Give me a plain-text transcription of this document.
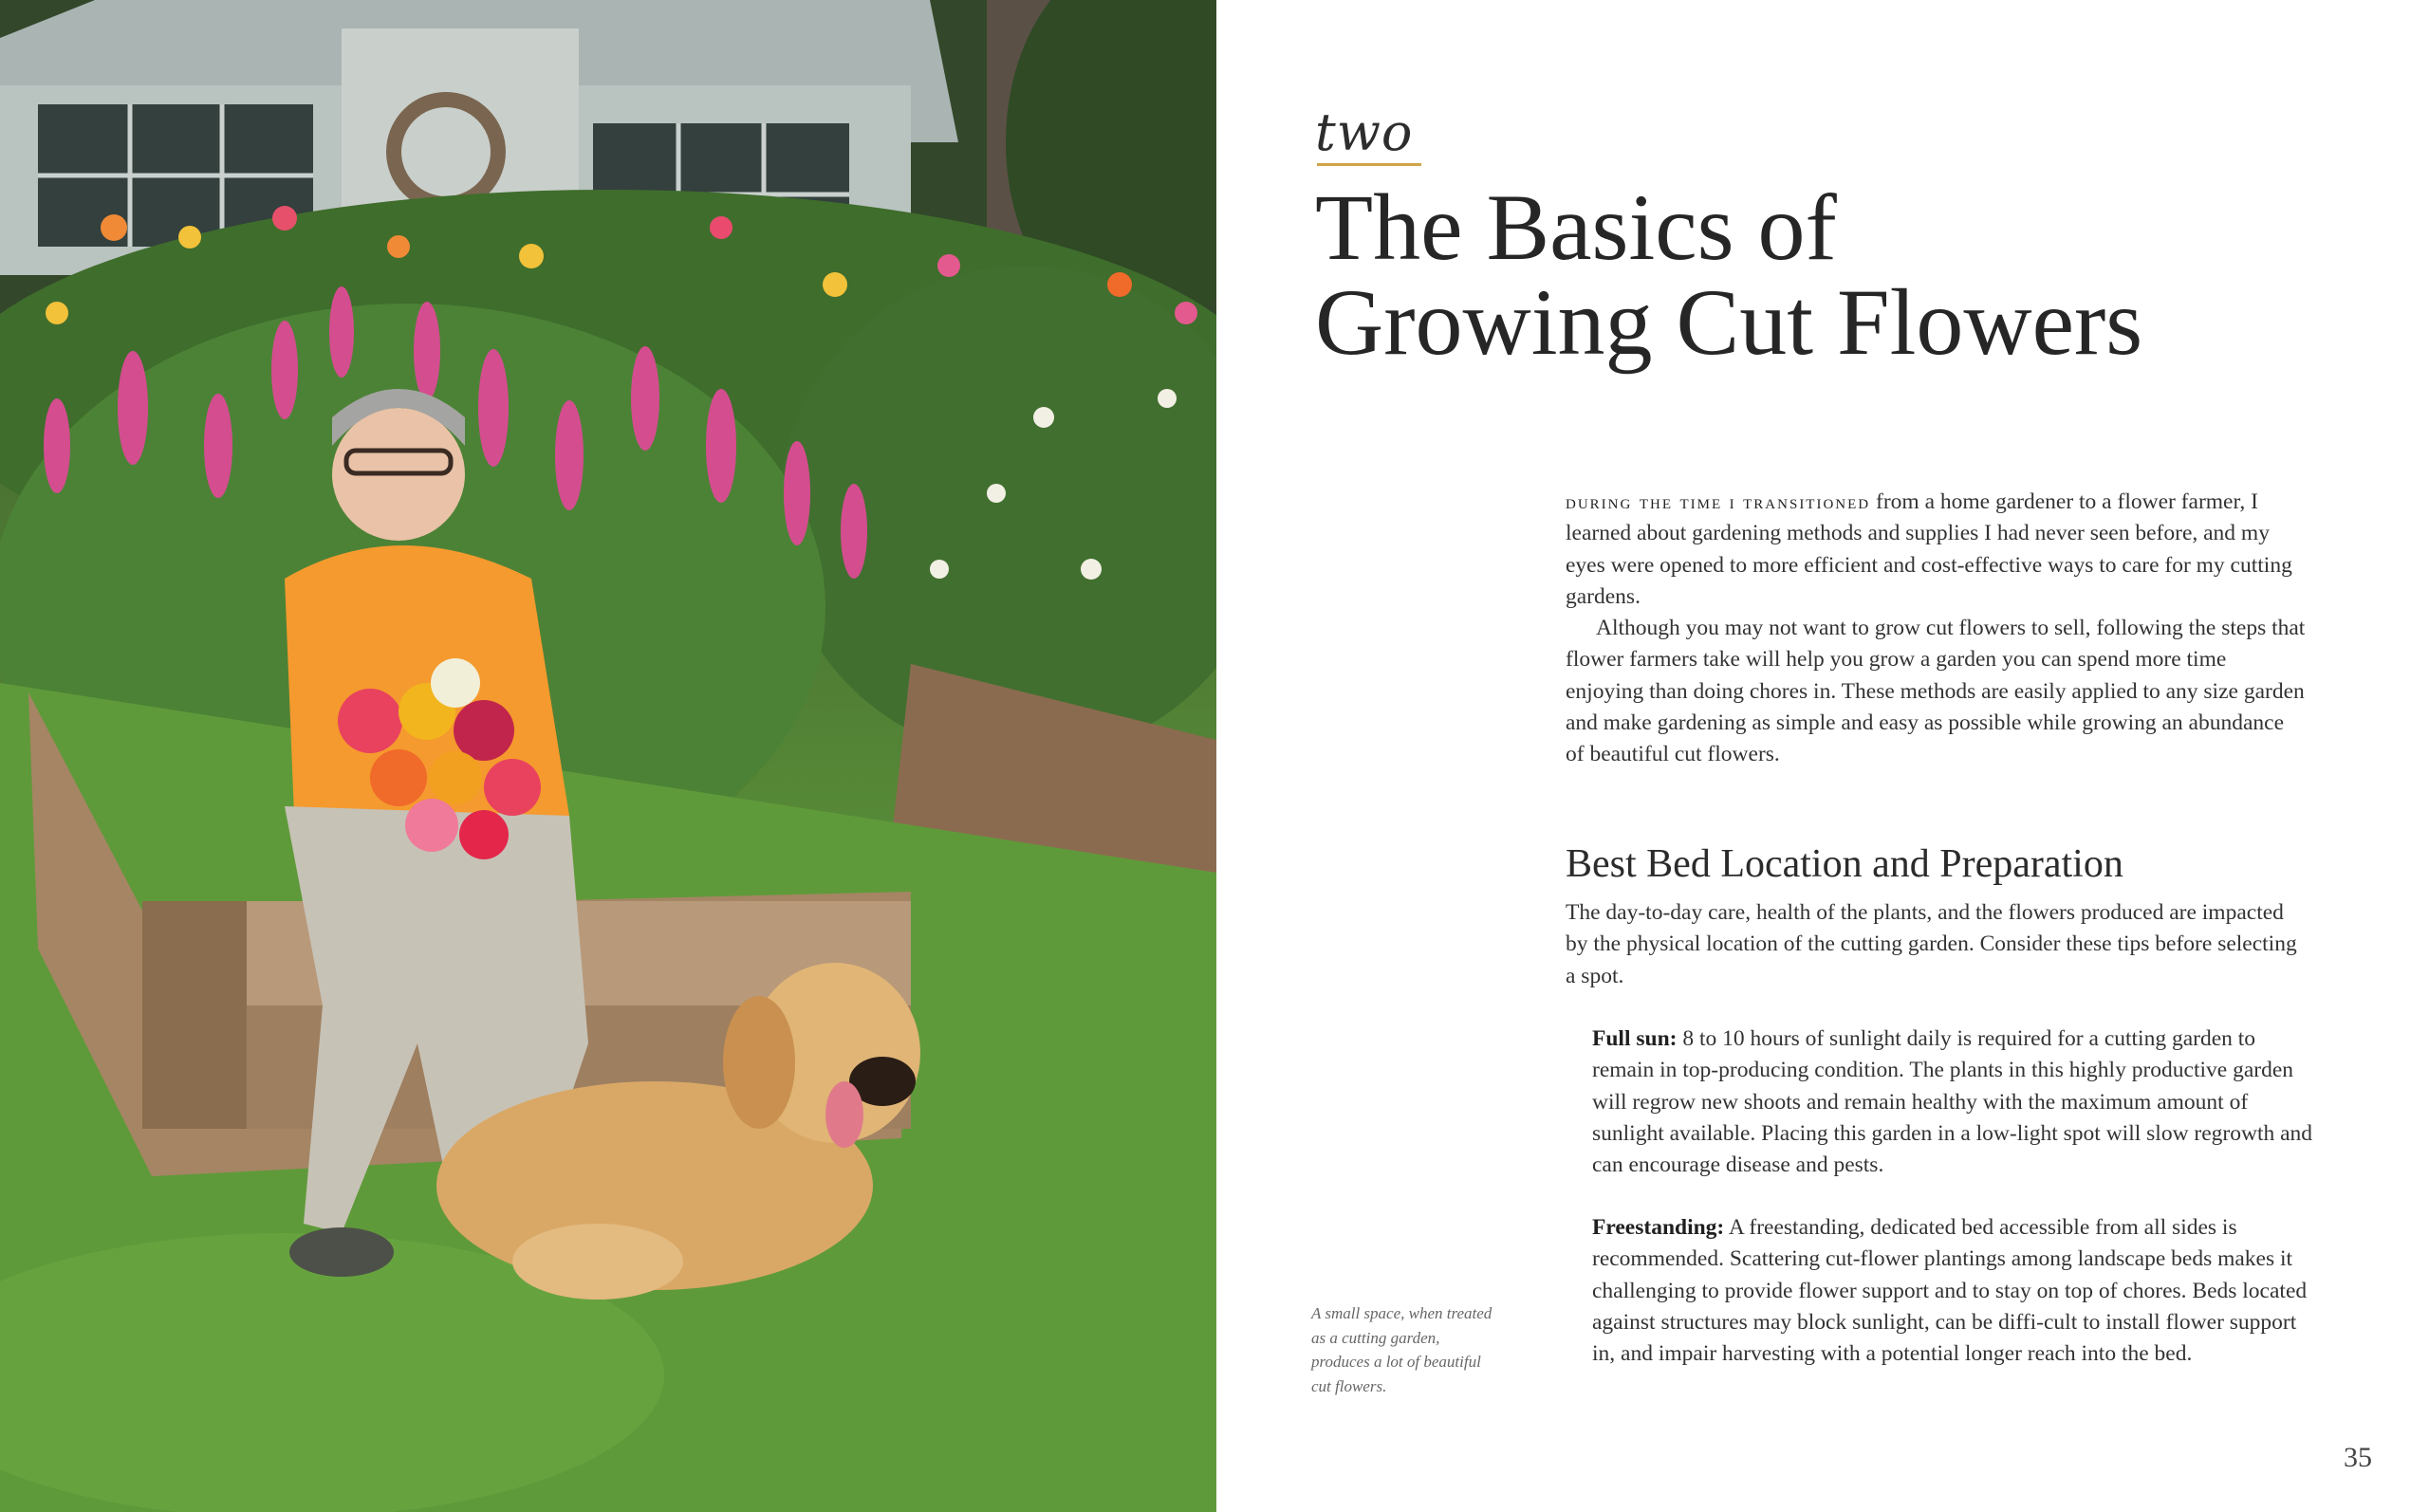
two
The Basics of
Growing Cut Flowers

during the time i transitioned from a home gardener to a flower farmer, I learned about gardening methods and supplies I had never seen before, and my eyes were opened to more efficient and cost-effective ways to care for my cutting gardens.

Although you may not want to grow cut flowers to sell, following the steps that flower farmers take will help you grow a garden you can spend more time enjoying than doing chores in. These methods are easily applied to any size garden and make gardening as simple and easy as possible while growing an abundance of beautiful cut flowers.

Best Bed Location and Preparation

The day-to-day care, health of the plants, and the flowers produced are impacted by the physical location of the cutting garden. Consider these tips before selecting a spot.

Full sun: 8 to 10 hours of sunlight daily is required for a cutting garden to remain in top-producing condition. The plants in this highly productive garden will regrow new shoots and remain healthy with the maximum amount of sunlight available. Placing this garden in a low-light spot will slow regrowth and can encourage disease and pests.

Freestanding: A freestanding, dedicated bed accessible from all sides is recommended. Scattering cut-flower plantings among landscape beds makes it challenging to provide flower support and to stay on top of chores. Beds located against structures may block sunlight, can be diffi-cult to install flower support in, and impair harvesting with a potential longer reach into the bed.

A small space, when treated as a cutting garden, produces a lot of beautiful cut flowers.
35
